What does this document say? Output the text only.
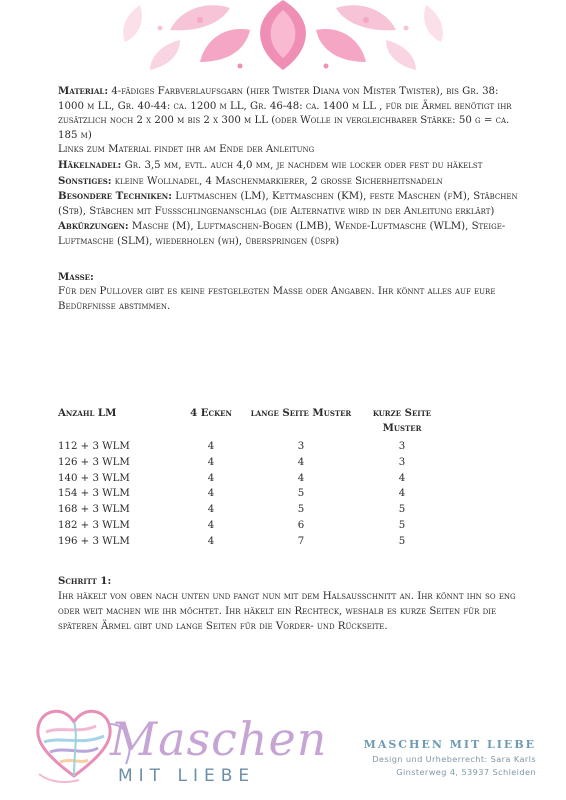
Material: 4-fädiges Farbverlaufsgarn (hier Twister Diana von Mister Twister), bis Gr. 38: 1000 m LL, Gr. 40-44: ca. 1200 m LL, Gr. 46-48: ca. 1400 m LL , für die Ärmel benötigt ihr zusätzlich noch 2 x 200 m bis 2 x 300 m LL (oder Wolle in vergleichbarer Stärke: 50 g = ca. 185 m)

Links zum Material findet ihr am Ende der Anleitung

Häkelnadel: Gr. 3,5 mm, evtl. auch 4,0 mm, je nachdem wie locker oder fest du häkelst

Sonstiges: kleine Wollnadel, 4 Maschenmarkierer, 2 grosse Sicherheitsnadeln

Besondere Techniken: Luftmaschen (LM), Kettmaschen (KM), feste Maschen (fM), Stäbchen (Stb), Stäbchen mit Fussschlingenanschlag (die Alternative wird in der Anleitung erklärt)

Abkürzungen: Masche (M), Luftmaschen-Bogen (LMB), Wende-Luftmasche (WLM), Steige-Luftmasche (SLM), wiederholen (wh), überspringen (üspr)

Masse:

Für den Pullover gibt es keine festgelegten Masse oder Angaben. Ihr könnt alles auf eure Bedürfnisse abstimmen.

Anzahl LM	4 Ecken	lange Seite Muster	kurze Seite Muster
112 + 3 WLM	4	3	3
126 + 3 WLM	4	4	3
140 + 3 WLM	4	4	4
154 + 3 WLM	4	5	4
168 + 3 WLM	4	5	5
182 + 3 WLM	4	6	5
196 + 3 WLM	4	7	5
Schritt 1:
Ihr häkelt von oben nach unten und fangt nun mit dem Halsausschnitt an. Ihr könnt ihn so eng oder weit machen wie ihr möchtet. Ihr häkelt ein Rechteck, weshalb es kurze Seiten für die späteren Ärmel gibt und lange Seiten für die Vorder- und Rückseite.
Maschen
MIT LIEBE
MASCHEN MIT LIEBE
Design und Urheberrecht: Sara Karls
Ginsterweg 4, 53937 Schleiden
